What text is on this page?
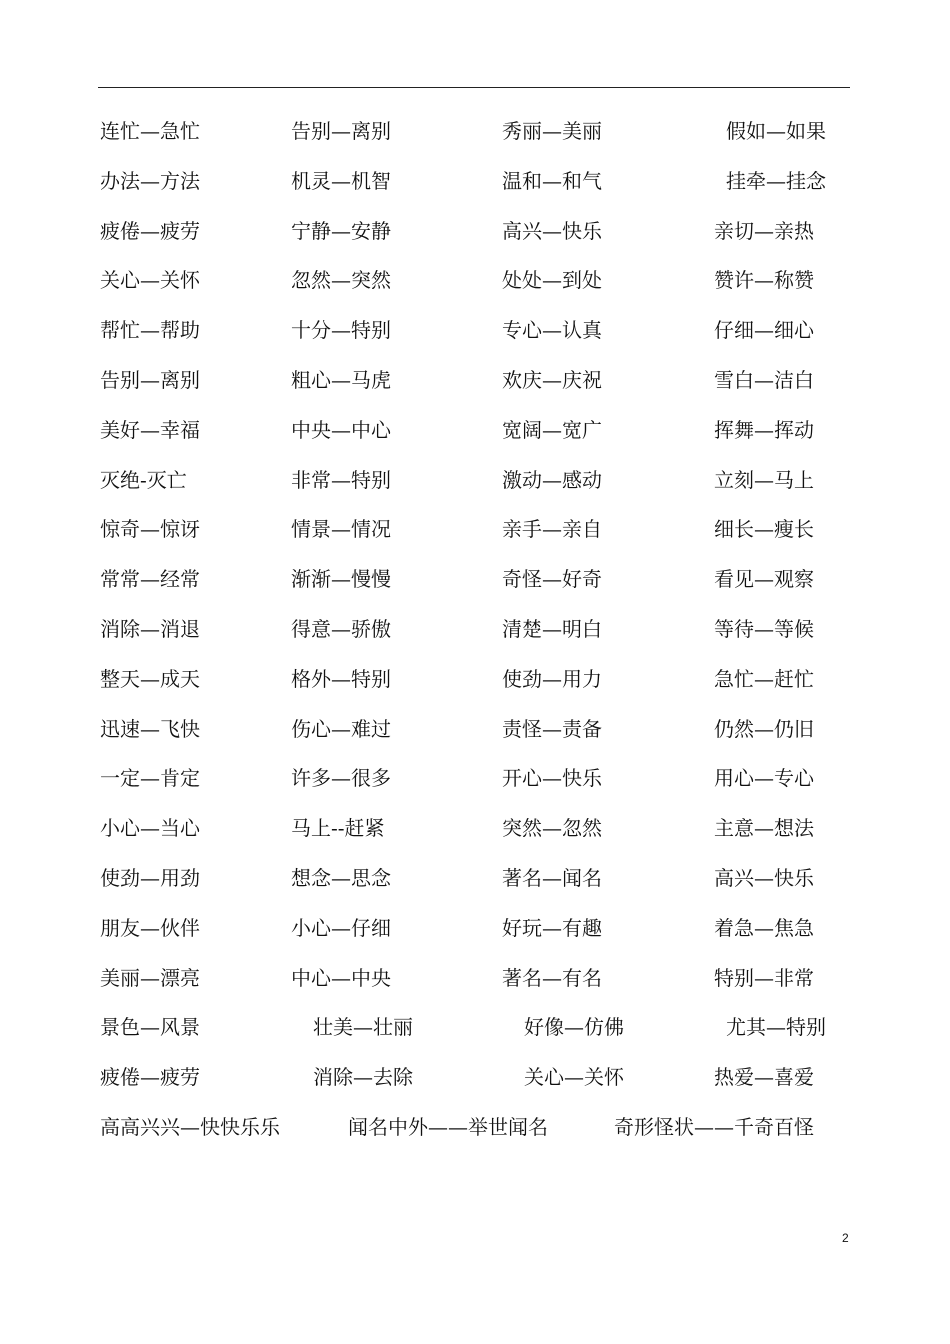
连忙—急忙	告别—离别	秀丽—美丽	假如—如果
办法—方法	机灵—机智	温和—和气	挂牵—挂念
疲倦—疲劳	宁静—安静	高兴—快乐	亲切—亲热
关心—关怀	忽然—突然	处处—到处	赞许—称赞
帮忙—帮助	十分—特别	专心—认真	仔细—细心
告别—离别	粗心—马虎	欢庆—庆祝	雪白—洁白
美好—幸福	中央—中心	宽阔—宽广	挥舞—挥动
灭绝-灭亡	非常—特别	激动—感动	立刻—马上
惊奇—惊讶	情景—情况	亲手—亲自	细长—瘦长
常常—经常	渐渐—慢慢	奇怪—好奇	看见—观察
消除—消退	得意—骄傲	清楚—明白	等待—等候
整天—成天	格外—特别	使劲—用力	急忙—赶忙
迅速—飞快	伤心—难过	责怪—责备	仍然—仍旧
一定—肯定	许多—很多	开心—快乐	用心—专心
小心—当心	马上--赶紧	突然—忽然	主意—想法
使劲—用劲	想念—思念	著名—闻名	高兴—快乐
朋友—伙伴	小心—仔细	好玩—有趣	着急—焦急
美丽—漂亮	中心—中央	著名—有名	特别—非常
景色—风景	壮美—壮丽	好像—仿佛	尤其—特别
疲倦—疲劳	消除—去除	关心—关怀	热爱—喜爱
高高兴兴—快快乐乐	闻名中外——举世闻名	奇形怪状——千奇百怪
2
